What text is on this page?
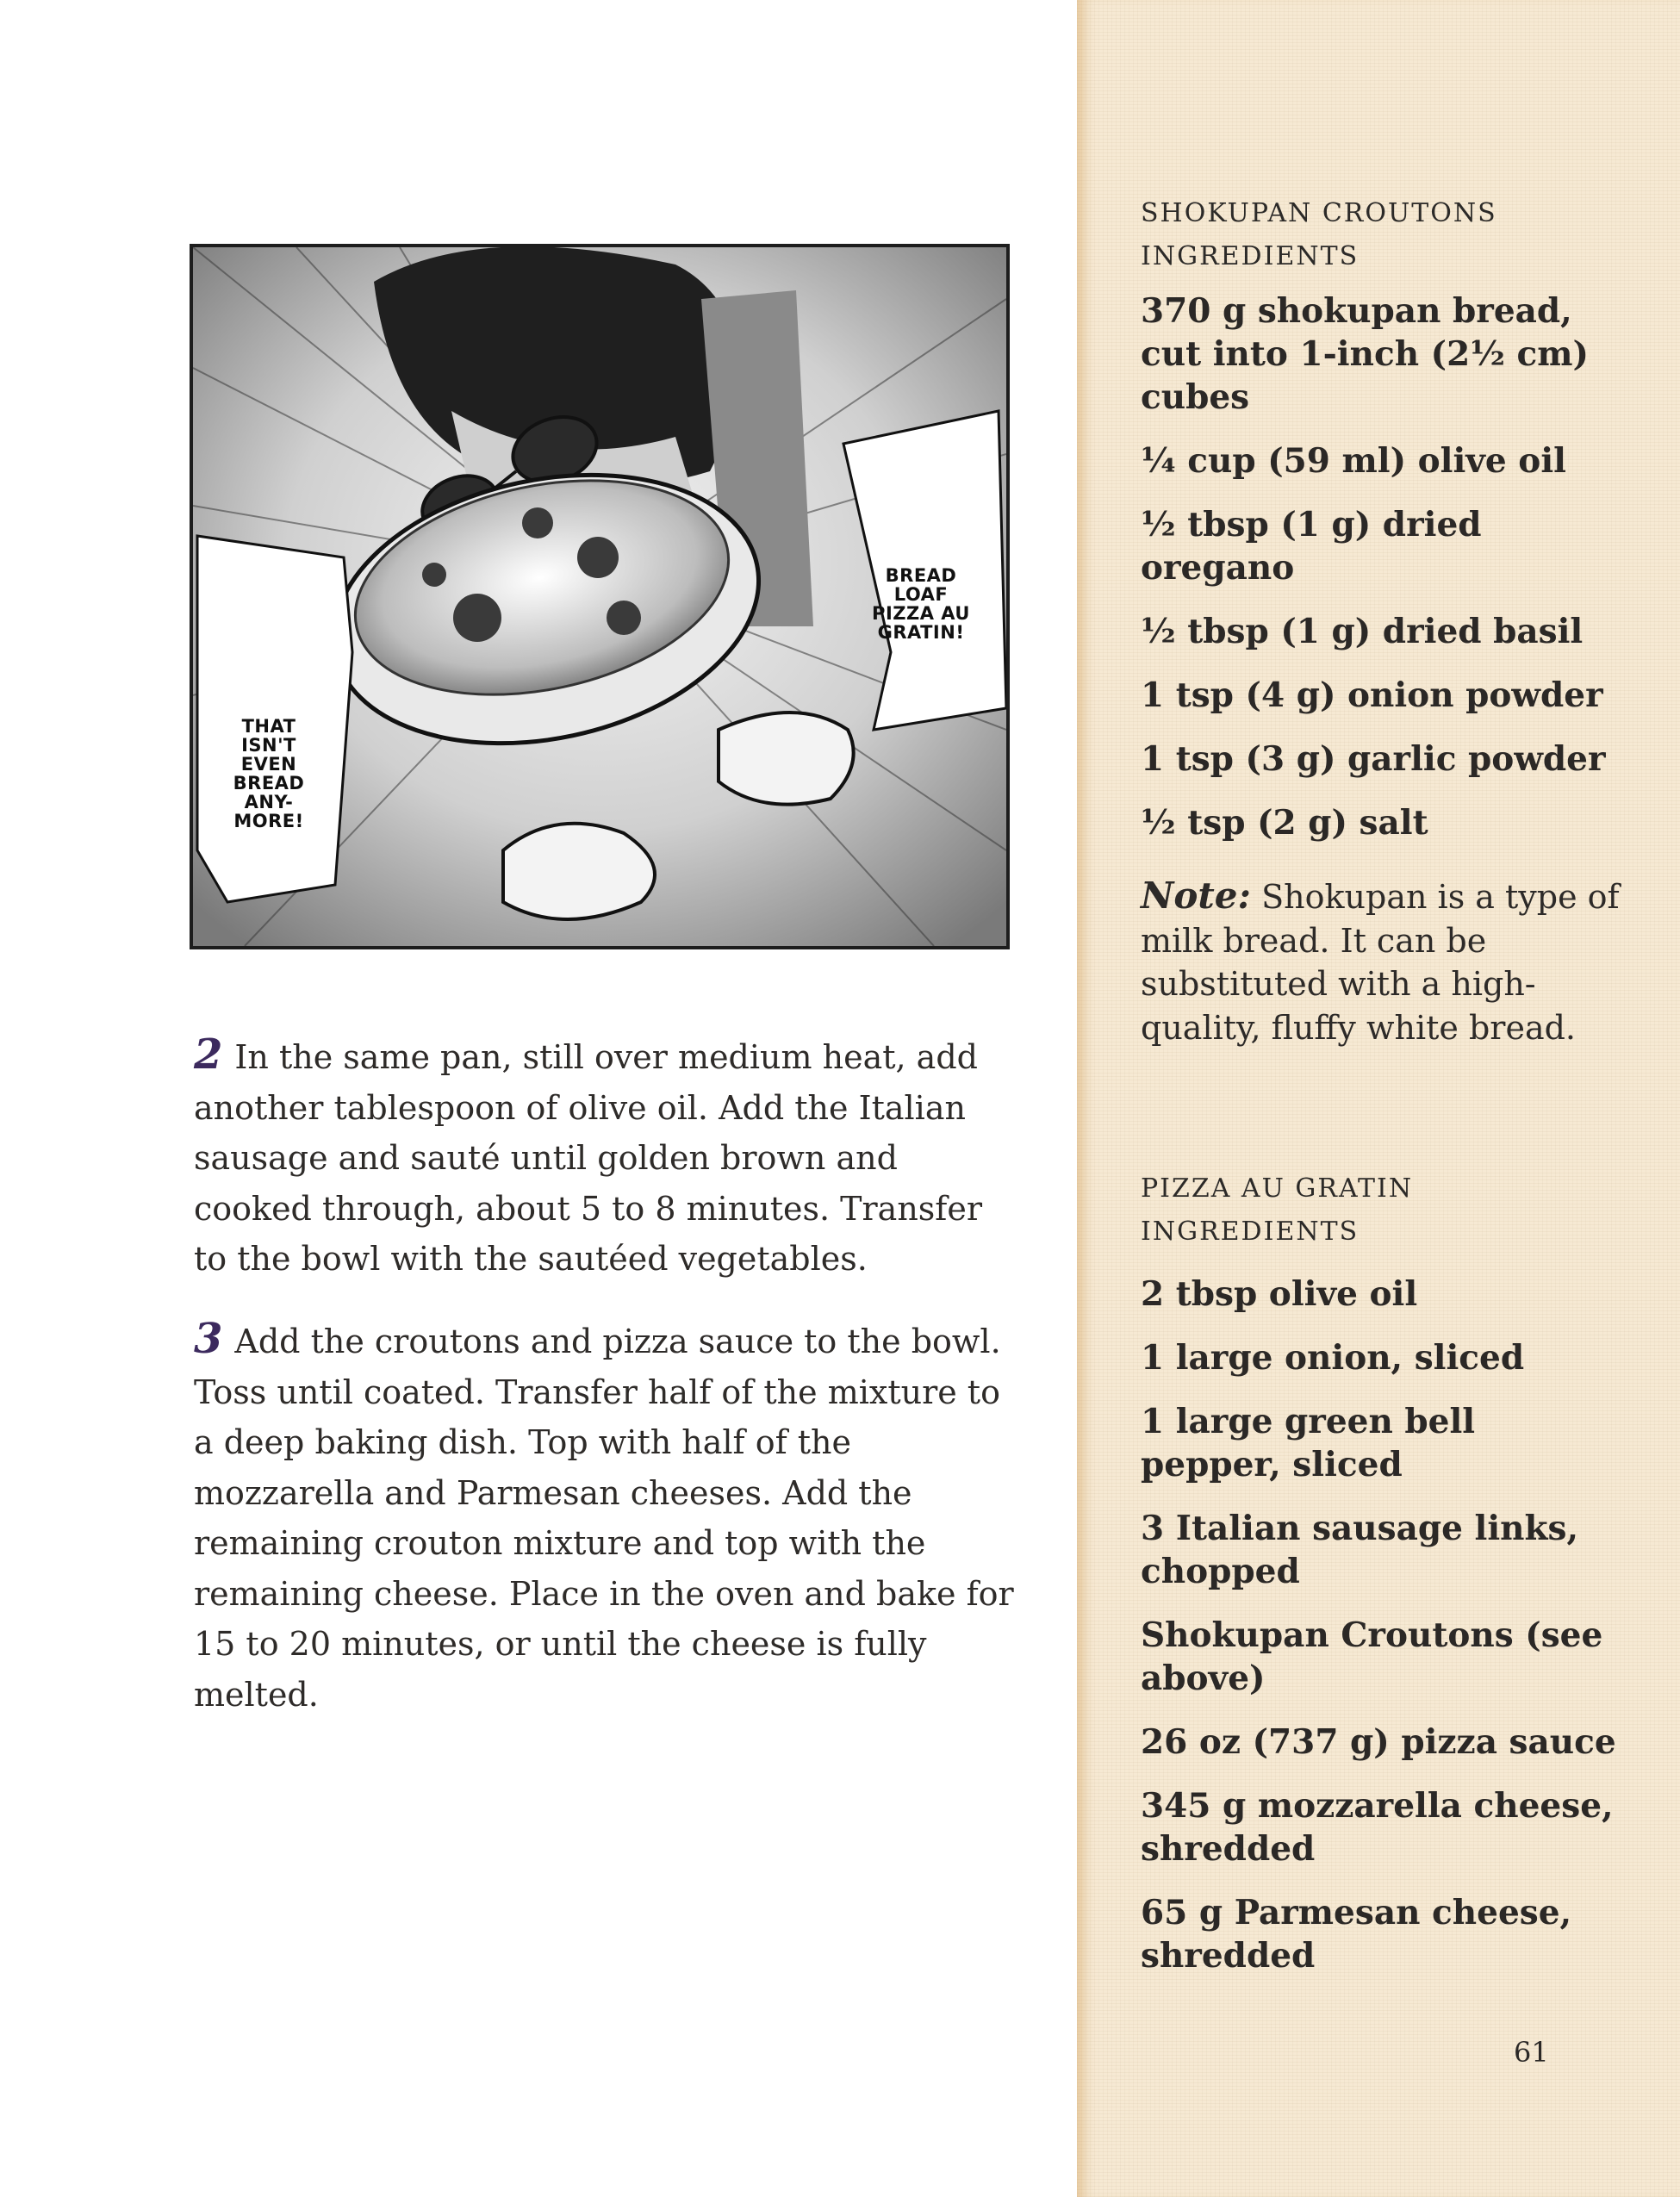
BREAD
LOAF
PIZZA AU
GRATIN!
THAT
ISN'T
EVEN
BREAD
ANY-
MORE!

2 In the same pan, still over medium heat, add another tablespoon of olive oil. Add the Italian sausage and sauté until golden brown and cooked through, about 5 to 8 minutes. Transfer to the bowl with the sautéed vegetables.

3 Add the croutons and pizza sauce to the bowl. Toss until coated. Transfer half of the mixture to a deep baking dish. Top with half of the mozzarella and Parmesan cheeses. Add the remaining crouton mixture and top with the remaining cheese. Place in the oven and bake for 15 to 20 minutes, or until the cheese is fully melted.

SHOKUPAN CROUTONS
INGREDIENTS
370 g shokupan bread, cut into 1-inch (2½ cm) cubes
¼ cup (59 ml) olive oil
½ tbsp (1 g) dried oregano
½ tbsp (1 g) dried basil
1 tsp (4 g) onion powder
1 tsp (3 g) garlic powder
½ tsp (2 g) salt

Note: Shokupan is a type of milk bread. It can be substituted with a high-quality, fluffy white bread.

PIZZA AU GRATIN
INGREDIENTS
2 tbsp olive oil
1 large onion, sliced
1 large green bell pepper, sliced
3 Italian sausage links, chopped
Shokupan Croutons (see above)
26 oz (737 g) pizza sauce
345 g mozzarella cheese, shredded
65 g Parmesan cheese, shredded
61
